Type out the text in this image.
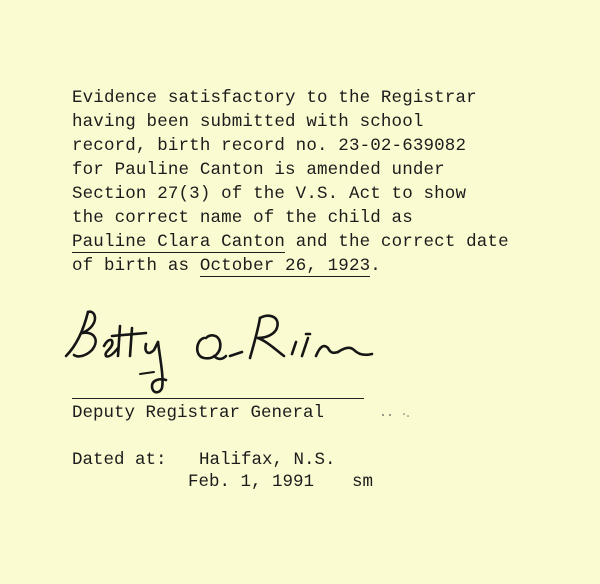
Evidence satisfactory to the Registrar
having been submitted with school
record, birth record no. 23-02-639082
for Pauline Canton is amended under
Section 27(3) of the V.S. Act to show
the correct name of the child as
Pauline Clara Canton and the correct date
of birth as October 26, 1923.
Deputy Registrar General
Dated at: Halifax, N.S.
Feb. 1, 1991 sm
